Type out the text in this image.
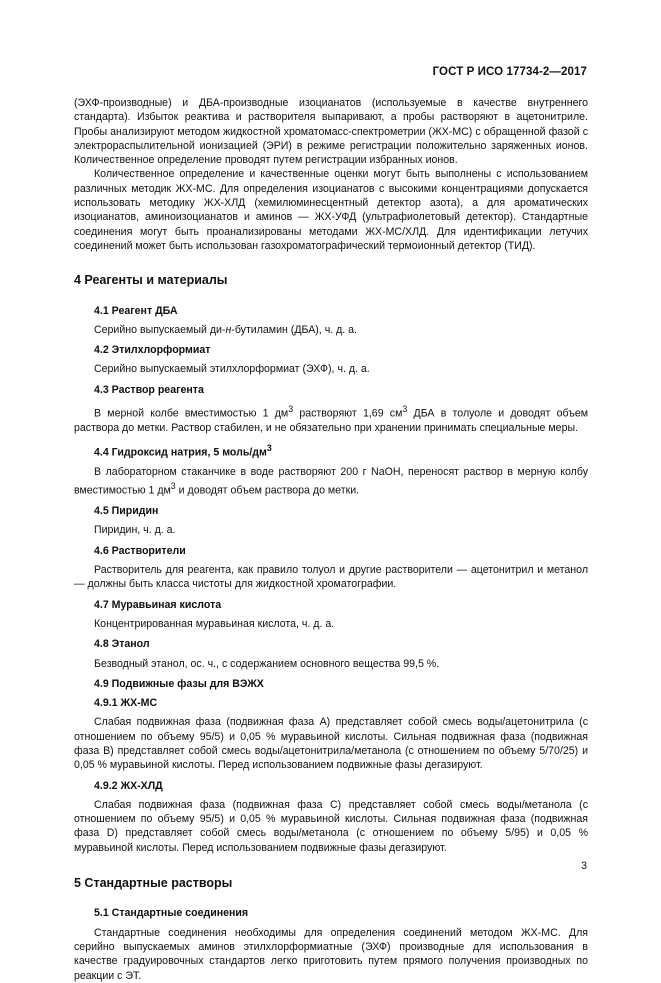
ГОСТ Р ИСО 17734-2—2017

(ЭХФ-производные) и ДБА-производные изоцианатов (используемые в качестве внутреннего стандарта). Избыток реактива и растворителя выпаривают, а пробы растворяют в ацетонитриле. Пробы анализируют методом жидкостной хроматомасс-спектрометрии (ЖХ-МС) с обращенной фазой с электрораспылительной ионизацией (ЭРИ) в режиме регистрации положительно заряженных ионов. Количественное определение проводят путем регистрации избранных ионов.

Количественное определение и качественные оценки могут быть выполнены с использованием различных методик ЖХ-МС. Для определения изоцианатов с высокими концентрациями допускается использовать методику ЖХ-ХЛД (хемилюминесцентный детектор азота), а для ароматических изоцианатов, аминоизоцианатов и аминов — ЖХ-УФД (ультрафиолетовый детектор). Стандартные соединения могут быть проанализированы методами ЖХ-МС/ХЛД. Для идентификации летучих соединений может быть использован газохроматографический термоионный детектор (ТИД).

4 Реагенты и материалы
4.1 Реагент ДБА

Серийно выпускаемый ди-н-бутиламин (ДБА), ч. д. а.

4.2 Этилхлорформиат

Серийно выпускаемый этилхлорформиат (ЭХФ), ч. д. а.

4.3 Раствор реагента

В мерной колбе вместимостью 1 $дм^3$ растворяют 1,69 $см^3$ ДБА в толуоле и доводят объем раствора до метки. Раствор стабилен, и не обязательно при хранении принимать специальные меры.

4.4 Гидроксид натрия, 5 моль/$дм^3$

В лабораторном стаканчике в воде растворяют 200 г NaOH, переносят раствор в мерную колбу вместимостью 1 $дм^3$ и доводят объем раствора до метки.

4.5 Пиридин

Пиридин, ч. д. а.

4.6 Растворители

Растворитель для реагента, как правило толуол и другие растворители — ацетонитрил и метанол — должны быть класса чистоты для жидкостной хроматографии.

4.7 Муравьиная кислота

Концентрированная муравьиная кислота, ч. д. а.

4.8 Этанол

Безводный этанол, ос. ч., с содержанием основного вещества 99,5 %.

4.9 Подвижные фазы для ВЭЖХ
4.9.1 ЖХ-МС

Слабая подвижная фаза (подвижная фаза A) представляет собой смесь воды/ацетонитрила (с отношением по объему 95/5) и 0,05 % муравьиной кислоты. Сильная подвижная фаза (подвижная фаза B) представляет собой смесь воды/ацетонитрила/метанола (с отношением по объему 5/70/25) и 0,05 % муравьиной кислоты. Перед использованием подвижные фазы дегазируют.

4.9.2 ЖХ-ХЛД

Слабая подвижная фаза (подвижная фаза C) представляет собой смесь воды/метанола (с отношением по объему 95/5) и 0,05 % муравьиной кислоты. Сильная подвижная фаза (подвижная фаза D) представляет собой смесь воды/метанола (с отношением по объему 5/95) и 0,05 % муравьиной кислоты. Перед использованием подвижные фазы дегазируют.

5 Стандартные растворы
5.1 Стандартные соединения

Стандартные соединения необходимы для определения соединений методом ЖХ-МС. Для серийно выпускаемых аминов этилхлорформиатные (ЭХФ) производные для использования в качестве градуировочных стандартов легко приготовить путем прямого получения производных по реакции с ЭТ.

3
